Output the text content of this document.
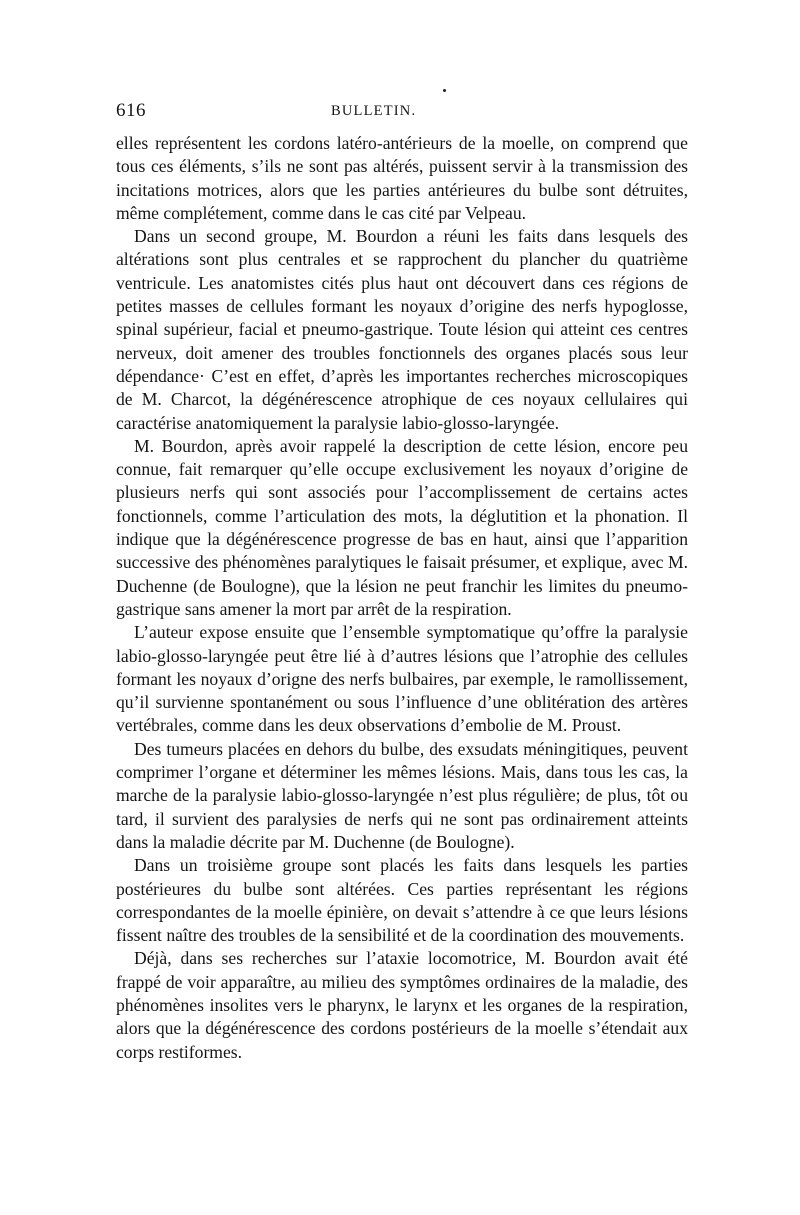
616	BULLETIN.

elles représentent les cordons latéro-antérieurs de la moelle, on comprend que tous ces éléments, s’ils ne sont pas altérés, puissent servir à la transmission des incitations motrices, alors que les parties antérieures du bulbe sont détruites, même complétement, comme dans le cas cité par Velpeau.

Dans un second groupe, M. Bourdon a réuni les faits dans lesquels des altérations sont plus centrales et se rapprochent du plancher du quatrième ventricule. Les anatomistes cités plus haut ont découvert dans ces régions de petites masses de cellules formant les noyaux d’origine des nerfs hypoglosse, spinal supérieur, facial et pneumo-gastrique. Toute lésion qui atteint ces centres nerveux, doit amener des troubles fonctionnels des organes placés sous leur dépendance· C’est en effet, d’après les importantes recherches microscopiques de M. Charcot, la dégénérescence atrophique de ces noyaux cellulaires qui caractérise anatomiquement la paralysie labio-glosso-laryngée.

M. Bourdon, après avoir rappelé la description de cette lésion, encore peu connue, fait remarquer qu’elle occupe exclusivement les noyaux d’origine de plusieurs nerfs qui sont associés pour l’accomplissement de certains actes fonctionnels, comme l’articulation des mots, la déglutition et la phonation. Il indique que la dégénérescence progresse de bas en haut, ainsi que l’apparition successive des phénomènes paralytiques le faisait présumer, et explique, avec M. Duchenne (de Boulogne), que la lésion ne peut franchir les limites du pneumo-gastrique sans amener la mort par arrêt de la respiration.

L’auteur expose ensuite que l’ensemble symptomatique qu’offre la paralysie labio-glosso-laryngée peut être lié à d’autres lésions que l’atrophie des cellules formant les noyaux d’origne des nerfs bulbaires, par exemple, le ramollissement, qu’il survienne spontanément ou sous l’influence d’une oblitération des artères vertébrales, comme dans les deux observations d’embolie de M. Proust.

Des tumeurs placées en dehors du bulbe, des exsudats méningitiques, peuvent comprimer l’organe et déterminer les mêmes lésions. Mais, dans tous les cas, la marche de la paralysie labio-glosso-laryngée n’est plus régulière; de plus, tôt ou tard, il survient des paralysies de nerfs qui ne sont pas ordinairement atteints dans la maladie décrite par M. Duchenne (de Boulogne).

Dans un troisième groupe sont placés les faits dans lesquels les parties postérieures du bulbe sont altérées. Ces parties représentant les régions correspondantes de la moelle épinière, on devait s’attendre à ce que leurs lésions fissent naître des troubles de la sensibilité et de la coordination des mouvements.

Déjà, dans ses recherches sur l’ataxie locomotrice, M. Bourdon avait été frappé de voir apparaître, au milieu des symptômes ordinaires de la maladie, des phénomènes insolites vers le pharynx, le larynx et les organes de la respiration, alors que la dégénérescence des cordons postérieurs de la moelle s’étendait aux corps restiformes.
